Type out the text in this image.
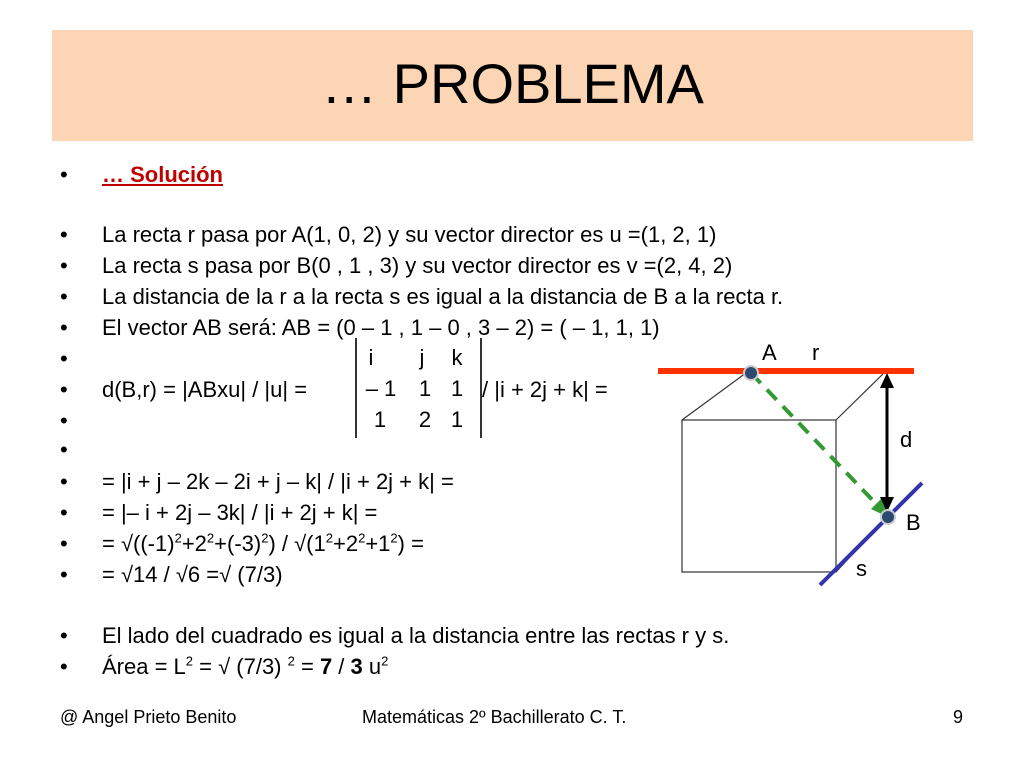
… PROBLEMA
• … Solución
• La recta r pasa por A(1, 0, 2) y su vector director es u =(1, 2, 1)
• La recta s pasa por B(0 , 1 , 3) y su vector director es v =(2, 4, 2)
• La distancia de la r a la recta s es igual a la distancia de B a la recta r.
• El vector AB será: AB = (0 – 1 , 1 – 0 , 3 – 2) = ( – 1, 1, 1)
•
• d(B,r) = |ABxu| / |u| =
•
•
• = |i + j – 2k – 2i + j – k| / |i + 2j + k| =
• = |– i + 2j – 3k| / |i + 2j + k| =
• = $√((-1)^2+2^2+(-3)^2) / √(1^2+2^2+1^2)$ =
• = √14 / √6 =√ (7/3)
• El lado del cuadrado es igual a la distancia entre las rectas r y s.
• Área = $L^2$ = √ (7/3) $^2$ = 7 / 3 $u^2$
i	j	k
– 1	1 1
1	2 1
/ |i + 2j + k| =
A r
d
B
s
@ Angel Prieto Benito	Matemáticas 2º Bachillerato C. T.	9
